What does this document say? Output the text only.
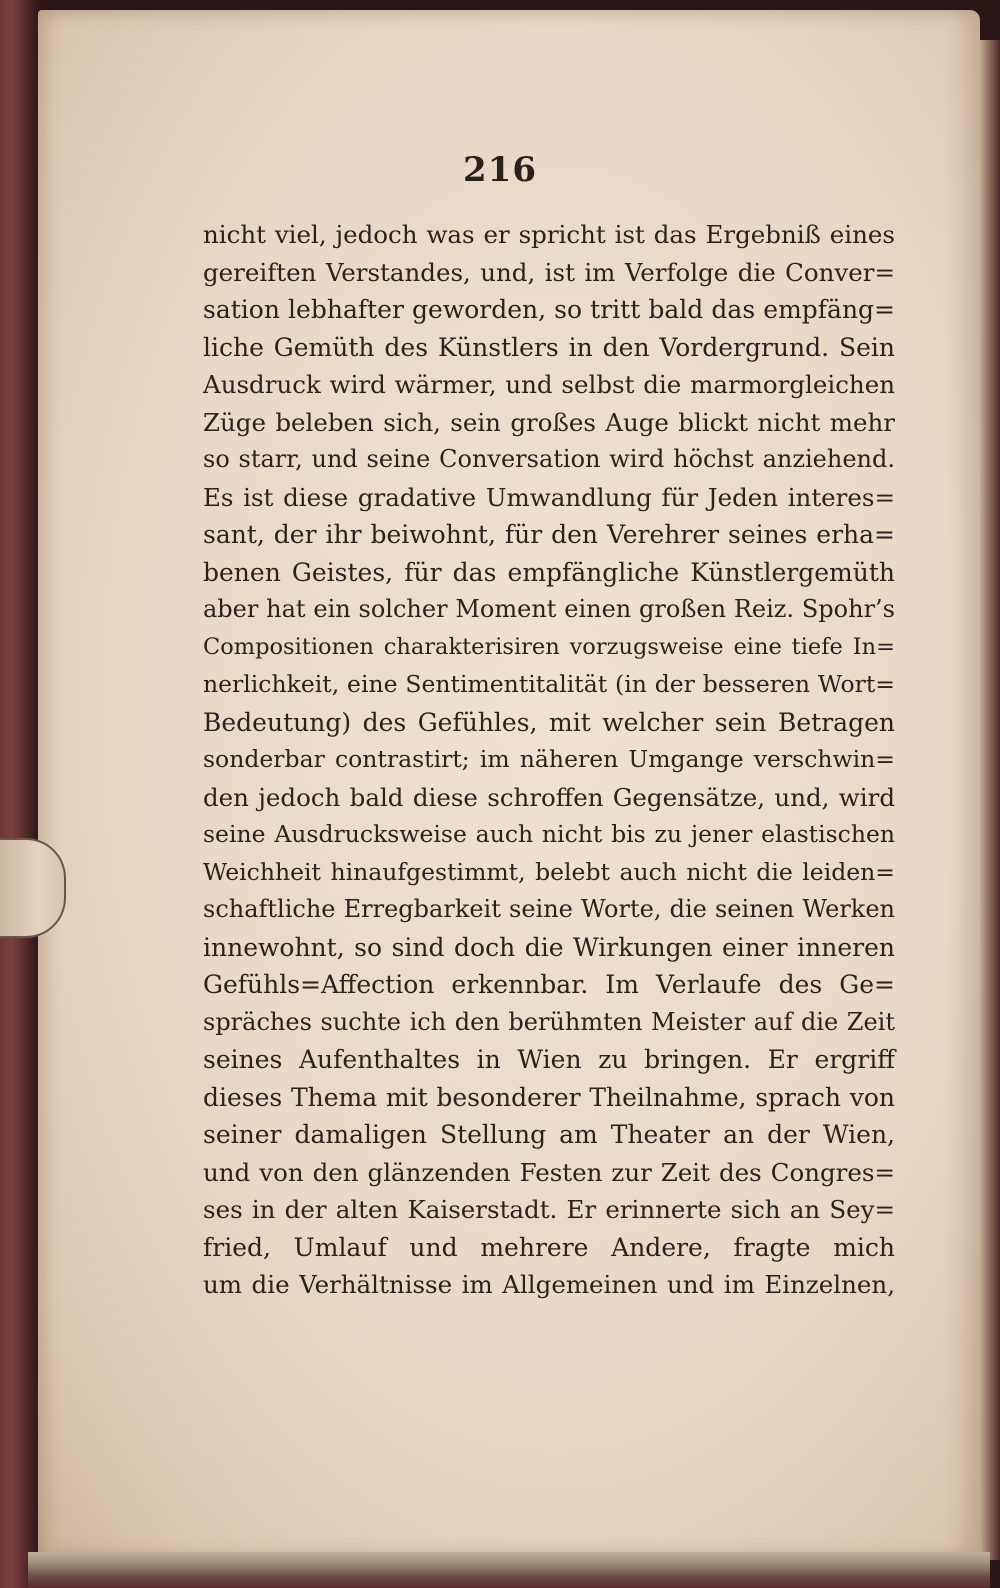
216
nicht viel, jedoch was er spricht ist das Ergebniß eines
gereiften Verstandes, und, ist im Verfolge die Conver=
sation lebhafter geworden, so tritt bald das empfäng=
liche Gemüth des Künstlers in den Vordergrund. Sein
Ausdruck wird wärmer, und selbst die marmorgleichen
Züge beleben sich, sein großes Auge blickt nicht mehr
so starr, und seine Conversation wird höchst anziehend.
Es ist diese gradative Umwandlung für Jeden interes=
sant, der ihr beiwohnt, für den Verehrer seines erha=
benen Geistes, für das empfängliche Künstlergemüth
aber hat ein solcher Moment einen großen Reiz. Spohr’s
Compositionen charakterisiren vorzugsweise eine tiefe In=
nerlichkeit, eine Sentimentitalität (in der besseren Wort=
Bedeutung) des Gefühles, mit welcher sein Betragen
sonderbar contrastirt; im näheren Umgange verschwin=
den jedoch bald diese schroffen Gegensätze, und, wird
seine Ausdrucksweise auch nicht bis zu jener elastischen
Weichheit hinaufgestimmt, belebt auch nicht die leiden=
schaftliche Erregbarkeit seine Worte, die seinen Werken
innewohnt, so sind doch die Wirkungen einer inneren
Gefühls=Affection erkennbar. Im Verlaufe des Ge=
spräches suchte ich den berühmten Meister auf die Zeit
seines Aufenthaltes in Wien zu bringen. Er ergriff
dieses Thema mit besonderer Theilnahme, sprach von
seiner damaligen Stellung am Theater an der Wien,
und von den glänzenden Festen zur Zeit des Congres=
ses in der alten Kaiserstadt. Er erinnerte sich an Sey=
fried, Umlauf und mehrere Andere, fragte mich
um die Verhältnisse im Allgemeinen und im Einzelnen,
